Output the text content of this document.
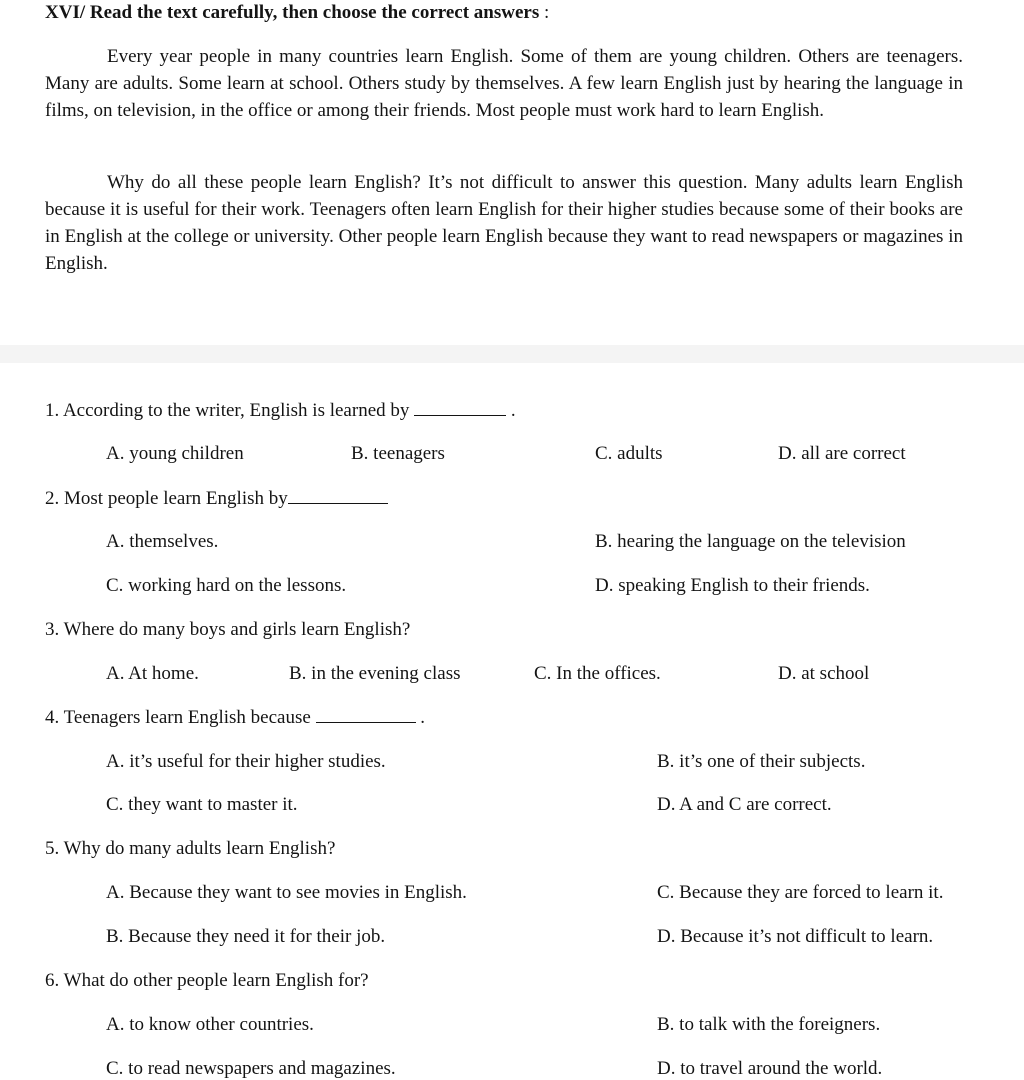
XVI/ Read the text carefully, then choose the correct answers :

Every year people in many countries learn English. Some of them are young children. Others are teenagers. Many are adults. Some learn at school. Others study by themselves. A few learn English just by hearing the language in films, on television, in the office or among their friends. Most people must work hard to learn English.

Why do all these people learn English? It’s not difficult to answer this question. Many adults learn English because it is useful for their work. Teenagers often learn English for their higher studies because some of their books are in English at the college or university. Other people learn English because they want to read newspapers or magazines in English.

1. According to the writer, English is learned by	.
A. young children	B. teenagers	C. adults	D. all are correct
2. Most people learn English by
A. themselves.	B. hearing the language on the television
C. working hard on the lessons.	D. speaking English to their friends.
3. Where do many boys and girls learn English?
A. At home.	B. in the evening class	C. In the offices.	D. at school
4. Teenagers learn English because	.
A. it’s useful for their higher studies.	B. it’s one of their subjects.
C. they want to master it.	D. A and C are correct.
5. Why do many adults learn English?
A. Because they want to see movies in English.	C. Because they are forced to learn it.
B. Because they need it for their job.	D. Because it’s not difficult to learn.
6. What do other people learn English for?
A. to know other countries.	B. to talk with the foreigners.
C. to read newspapers and magazines.	D. to travel around the world.
